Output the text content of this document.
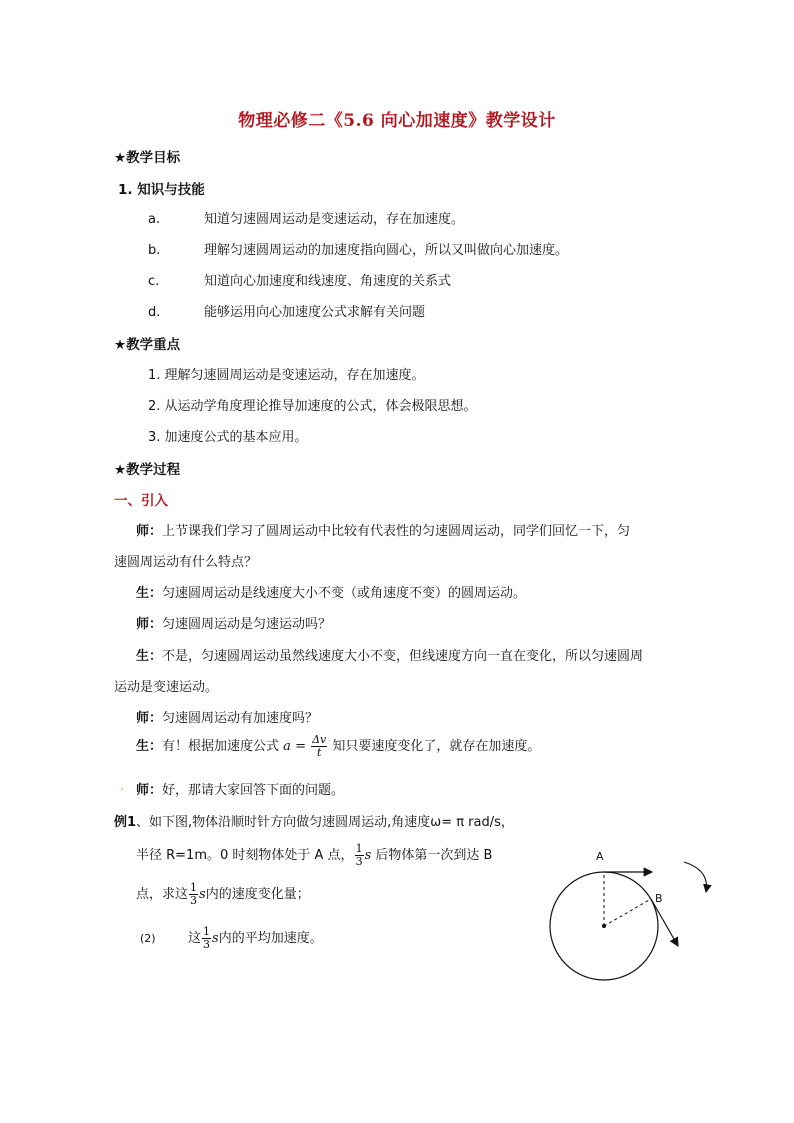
物理必修二《5.6 向心加速度》教学设计
★教学目标
1. 知识与技能
a.	知道匀速圆周运动是变速运动，存在加速度。
b.	理解匀速圆周运动的加速度指向圆心，所以又叫做向心加速度。
c.	知道向心加速度和线速度、角速度的关系式
d.	能够运用向心加速度公式求解有关问题
★教学重点
1. 理解匀速圆周运动是变速运动，存在加速度。
2. 从运动学角度理论推导加速度的公式，体会极限思想。
3. 加速度公式的基本应用。
★教学过程
一、引入
师：上节课我们学习了圆周运动中比较有代表性的匀速圆周运动，同学们回忆一下，匀
速圆周运动有什么特点？
生：匀速圆周运动是线速度大小不变（或角速度不变）的圆周运动。
师：匀速圆周运动是匀速运动吗？
生：不是，匀速圆周运动虽然线速度大小不变，但线速度方向一直在变化，所以匀速圆周
运动是变速运动。
师：匀速圆周运动有加速度吗？
生：有！根据加速度公式 $a = \frac{\Delta v}{t}$ 知只要速度变化了，就存在加速度。
. 师：好，那请大家回答下面的问题。
例1、如下图,物体沿顺时针方向做匀速圆周运动,角速度ω= π rad/s，
半径 R=1m。0 时刻物体处于 A 点， $\frac{1}{3}$ s 后物体第一次到达 B
点，求这 $\frac{1}{3}$ s内的速度变化量；
(2) 这 $\frac{1}{3}$ s内的平均加速度。
A
B
